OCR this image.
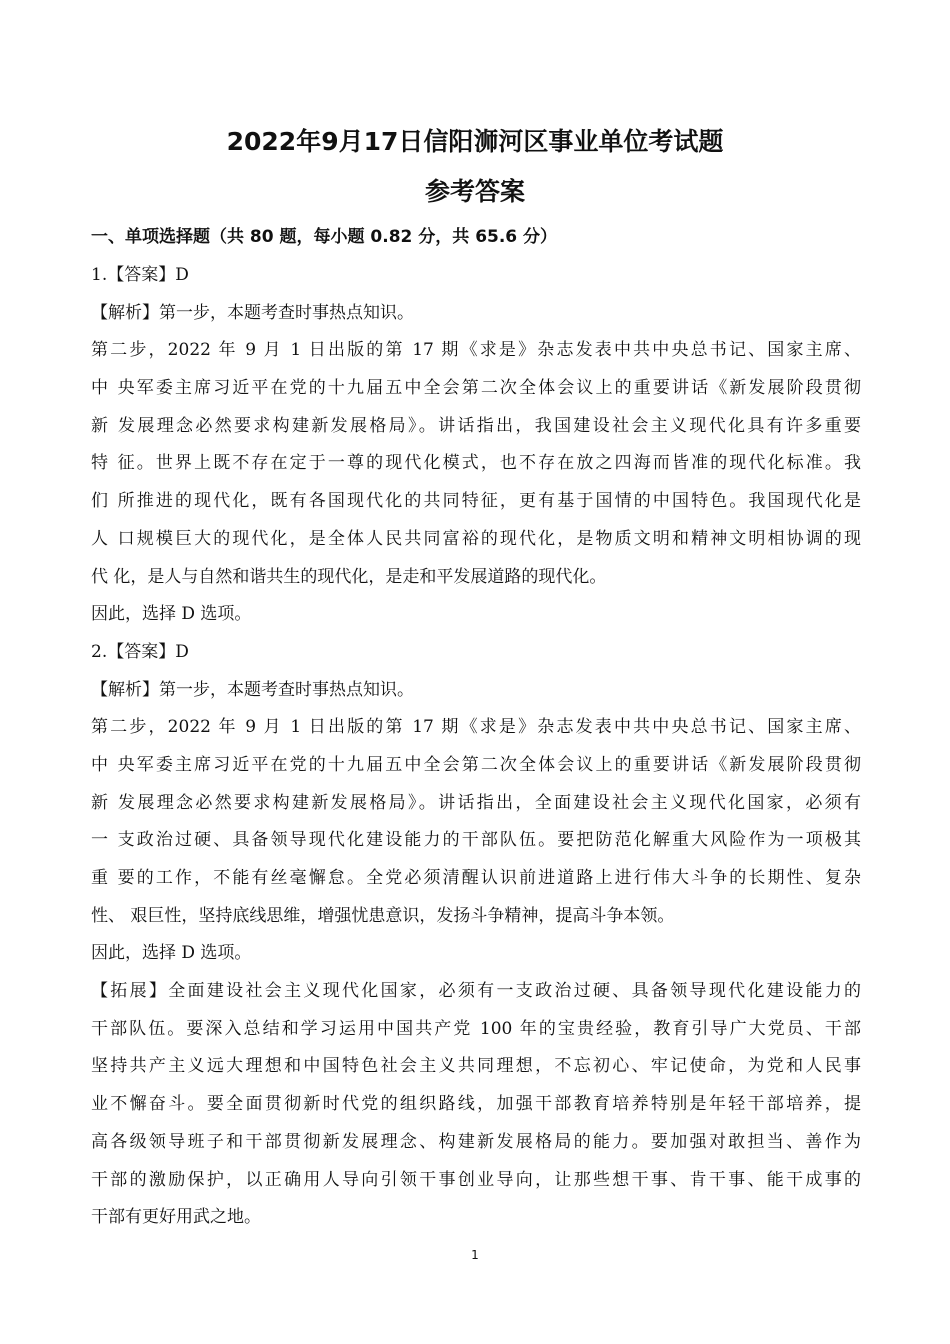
2022年9月17日信阳浉河区事业单位考试题
参考答案
一、单项选择题（共 80 题，每小题 0.82 分，共 65.6 分）
1.【答案】D
【解析】第一步，本题考查时事热点知识。
第二步，2022 年 9 月 1 日出版的第 17 期《求是》杂志发表中共中央总书记、国家主席、
中 央军委主席习近平在党的十九届五中全会第二次全体会议上的重要讲话《新发展阶段贯彻
新 发展理念必然要求构建新发展格局》。讲话指出，我国建设社会主义现代化具有许多重要
特 征。世界上既不存在定于一尊的现代化模式，也不存在放之四海而皆准的现代化标准。我
们 所推进的现代化，既有各国现代化的共同特征，更有基于国情的中国特色。我国现代化是
人 口规模巨大的现代化，是全体人民共同富裕的现代化，是物质文明和精神文明相协调的现
代 化，是人与自然和谐共生的现代化，是走和平发展道路的现代化。
因此，选择 D 选项。
2.【答案】D
【解析】第一步，本题考查时事热点知识。
第二步，2022 年 9 月 1 日出版的第 17 期《求是》杂志发表中共中央总书记、国家主席、
中 央军委主席习近平在党的十九届五中全会第二次全体会议上的重要讲话《新发展阶段贯彻
新 发展理念必然要求构建新发展格局》。讲话指出，全面建设社会主义现代化国家，必须有
一 支政治过硬、具备领导现代化建设能力的干部队伍。要把防范化解重大风险作为一项极其
重 要的工作，不能有丝毫懈怠。全党必须清醒认识前进道路上进行伟大斗争的长期性、复杂
性、 艰巨性，坚持底线思维，增强忧患意识，发扬斗争精神，提高斗争本领。
因此，选择 D 选项。
【拓展】全面建设社会主义现代化国家，必须有一支政治过硬、具备领导现代化建设能力的
干部队伍。要深入总结和学习运用中国共产党 100 年的宝贵经验，教育引导广大党员、干部
坚持共产主义远大理想和中国特色社会主义共同理想，不忘初心、牢记使命，为党和人民事
业不懈奋斗。要全面贯彻新时代党的组织路线，加强干部教育培养特别是年轻干部培养，提
高各级领导班子和干部贯彻新发展理念、构建新发展格局的能力。要加强对敢担当、善作为
干部的激励保护，以正确用人导向引领干事创业导向，让那些想干事、肯干事、能干成事的
干部有更好用武之地。
1
